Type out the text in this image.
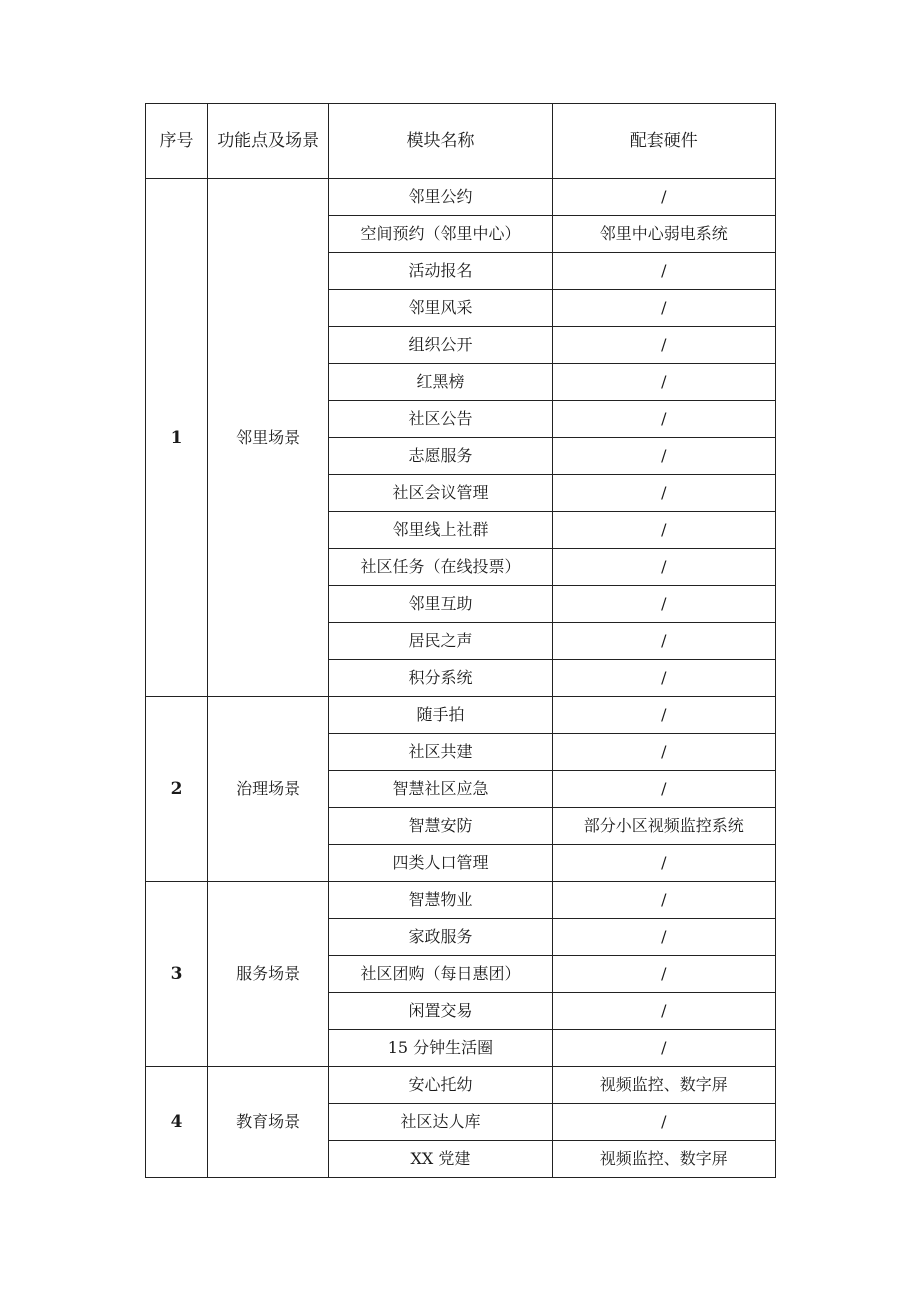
序号	功能点及场景	模块名称	配套硬件
1	邻里场景	邻里公约	/
		空间预约（邻里中心）	邻里中心弱电系统
		活动报名	/
		邻里风采	/
		组织公开	/
		红黑榜	/
		社区公告	/
		志愿服务	/
		社区会议管理	/
		邻里线上社群	/
		社区任务（在线投票）	/
		邻里互助	/
		居民之声	/
		积分系统	/
2	治理场景	随手拍	/
		社区共建	/
		智慧社区应急	/
		智慧安防	部分小区视频监控系统
		四类人口管理	/
3	服务场景	智慧物业	/
		家政服务	/
		社区团购（每日惠团）	/
		闲置交易	/
		15 分钟生活圈	/
4	教育场景	安心托幼	视频监控、数字屏
		社区达人库	/
		XX 党建	视频监控、数字屏
